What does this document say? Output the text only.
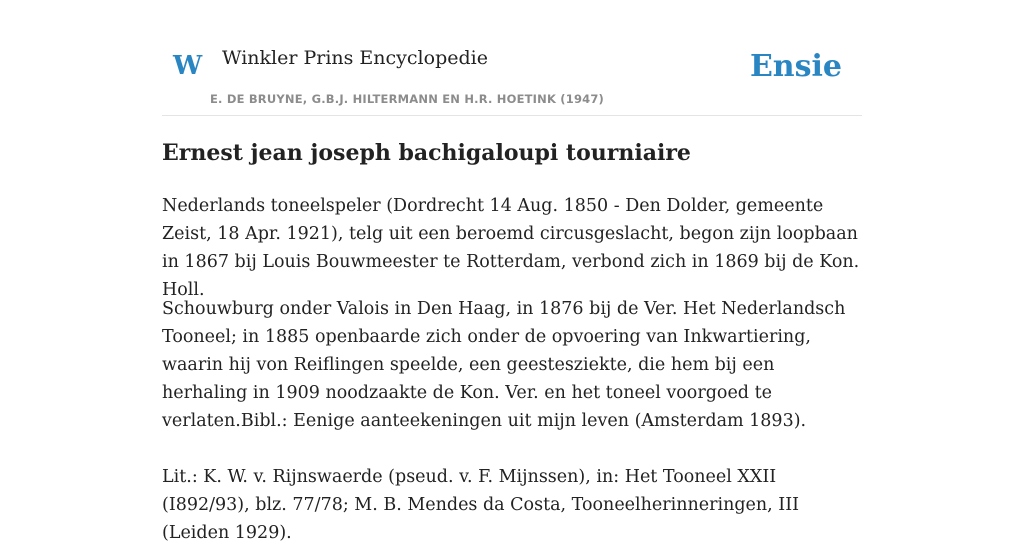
W Winkler Prins Encyclopedie
E. DE BRUYNE, G.B.J. HILTERMANN EN H.R. HOETINK (1947)
Ensie
Ernest jean joseph bachigaloupi tourniaire

Nederlands toneelspeler (Dordrecht 14 Aug. 1850 - Den Dolder, gemeente Zeist, 18 Apr. 1921), telg uit een beroemd circusgeslacht, begon zijn loopbaan in 1867 bij Louis Bouwmeester te Rotterdam, verbond zich in 1869 bij de Kon. Holl.

Schouwburg onder Valois in Den Haag, in 1876 bij de Ver. Het Nederlandsch Tooneel; in 1885 openbaarde zich onder de opvoering van Inkwartiering, waarin hij von Reiflingen speelde, een geestesziekte, die hem bij een herhaling in 1909 noodzaakte de Kon. Ver. en het toneel voorgoed te verlaten.Bibl.: Eenige aanteekeningen uit mijn leven (Amsterdam 1893).

Lit.: K. W. v. Rijnswaerde (pseud. v. F. Mijnssen), in: Het Tooneel XXII (I892/93), blz. 77/78; M. B. Mendes da Costa, Tooneelherinneringen, III (Leiden 1929).
